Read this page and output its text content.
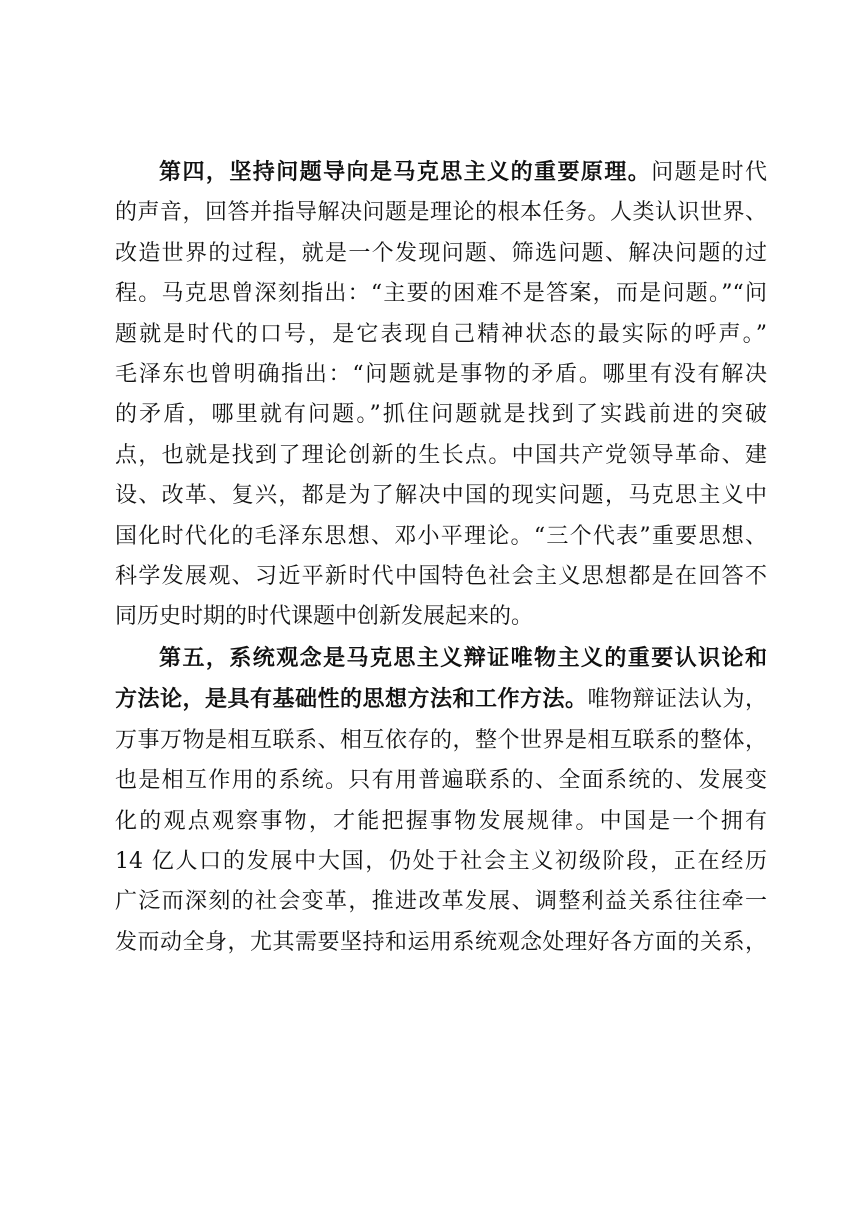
第四，坚持问题导向是马克思主义的重要原理。问题是时代
的声音，回答并指导解决问题是理论的根本任务。人类认识世界、
改造世界的过程，就是一个发现问题、筛选问题、解决问题的过
程。马克思曾深刻指出：“主要的困难不是答案，而是问题。”“问
题就是时代的口号，是它表现自己精神状态的最实际的呼声。”
毛泽东也曾明确指出：“问题就是事物的矛盾。哪里有没有解决
的矛盾，哪里就有问题。”抓住问题就是找到了实践前进的突破
点，也就是找到了理论创新的生长点。中国共产党领导革命、建
设、改革、复兴，都是为了解决中国的现实问题，马克思主义中
国化时代化的毛泽东思想、邓小平理论。“三个代表”重要思想、
科学发展观、习近平新时代中国特色社会主义思想都是在回答不
同历史时期的时代课题中创新发展起来的。
第五，系统观念是马克思主义辩证唯物主义的重要认识论和
方法论，是具有基础性的思想方法和工作方法。唯物辩证法认为，
万事万物是相互联系、相互依存的，整个世界是相互联系的整体，
也是相互作用的系统。只有用普遍联系的、全面系统的、发展变
化的观点观察事物，才能把握事物发展规律。中国是一个拥有
14 亿人口的发展中大国，仍处于社会主义初级阶段，正在经历
广泛而深刻的社会变革，推进改革发展、调整利益关系往往牵一
发而动全身，尤其需要坚持和运用系统观念处理好各方面的关系，
